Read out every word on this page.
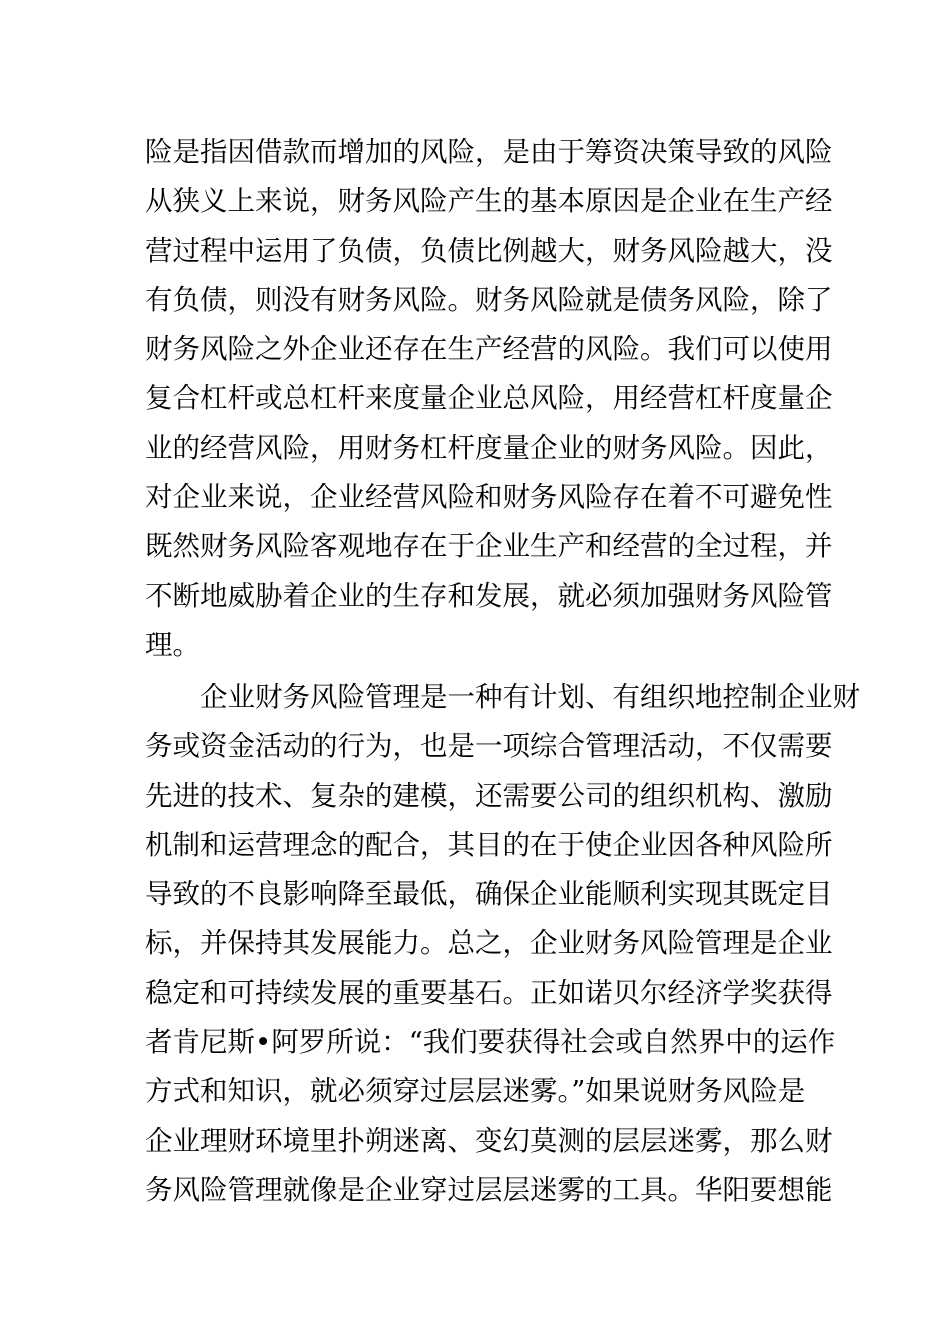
险是指因借款而增加的风险，是由于筹资决策导致的风险
从狭义上来说，财务风险产生的基本原因是企业在生产经
营过程中运用了负债，负债比例越大，财务风险越大，没
有负债，则没有财务风险。财务风险就是债务风险，除了
财务风险之外企业还存在生产经营的风险。我们可以使用
复合杠杆或总杠杆来度量企业总风险，用经营杠杆度量企
业的经营风险，用财务杠杆度量企业的财务风险。因此，
对企业来说，企业经营风险和财务风险存在着不可避免性
既然财务风险客观地存在于企业生产和经营的全过程，并
不断地威胁着企业的生存和发展，就必须加强财务风险管
理。
企业财务风险管理是一种有计划、有组织地控制企业财
务或资金活动的行为，也是一项综合管理活动，不仅需要
先进的技术、复杂的建模，还需要公司的组织机构、激励
机制和运营理念的配合，其目的在于使企业因各种风险所
导致的不良影响降至最低，确保企业能顺利实现其既定目
标，并保持其发展能力。总之，企业财务风险管理是企业
稳定和可持续发展的重要基石。正如诺贝尔经济学奖获得
者肯尼斯•阿罗所说：“我们要获得社会或自然界中的运作
方式和知识，就必须穿过层层迷雾。”如果说财务风险是
企业理财环境里扑朔迷离、变幻莫测的层层迷雾，那么财
务风险管理就像是企业穿过层层迷雾的工具。华阳要想能
